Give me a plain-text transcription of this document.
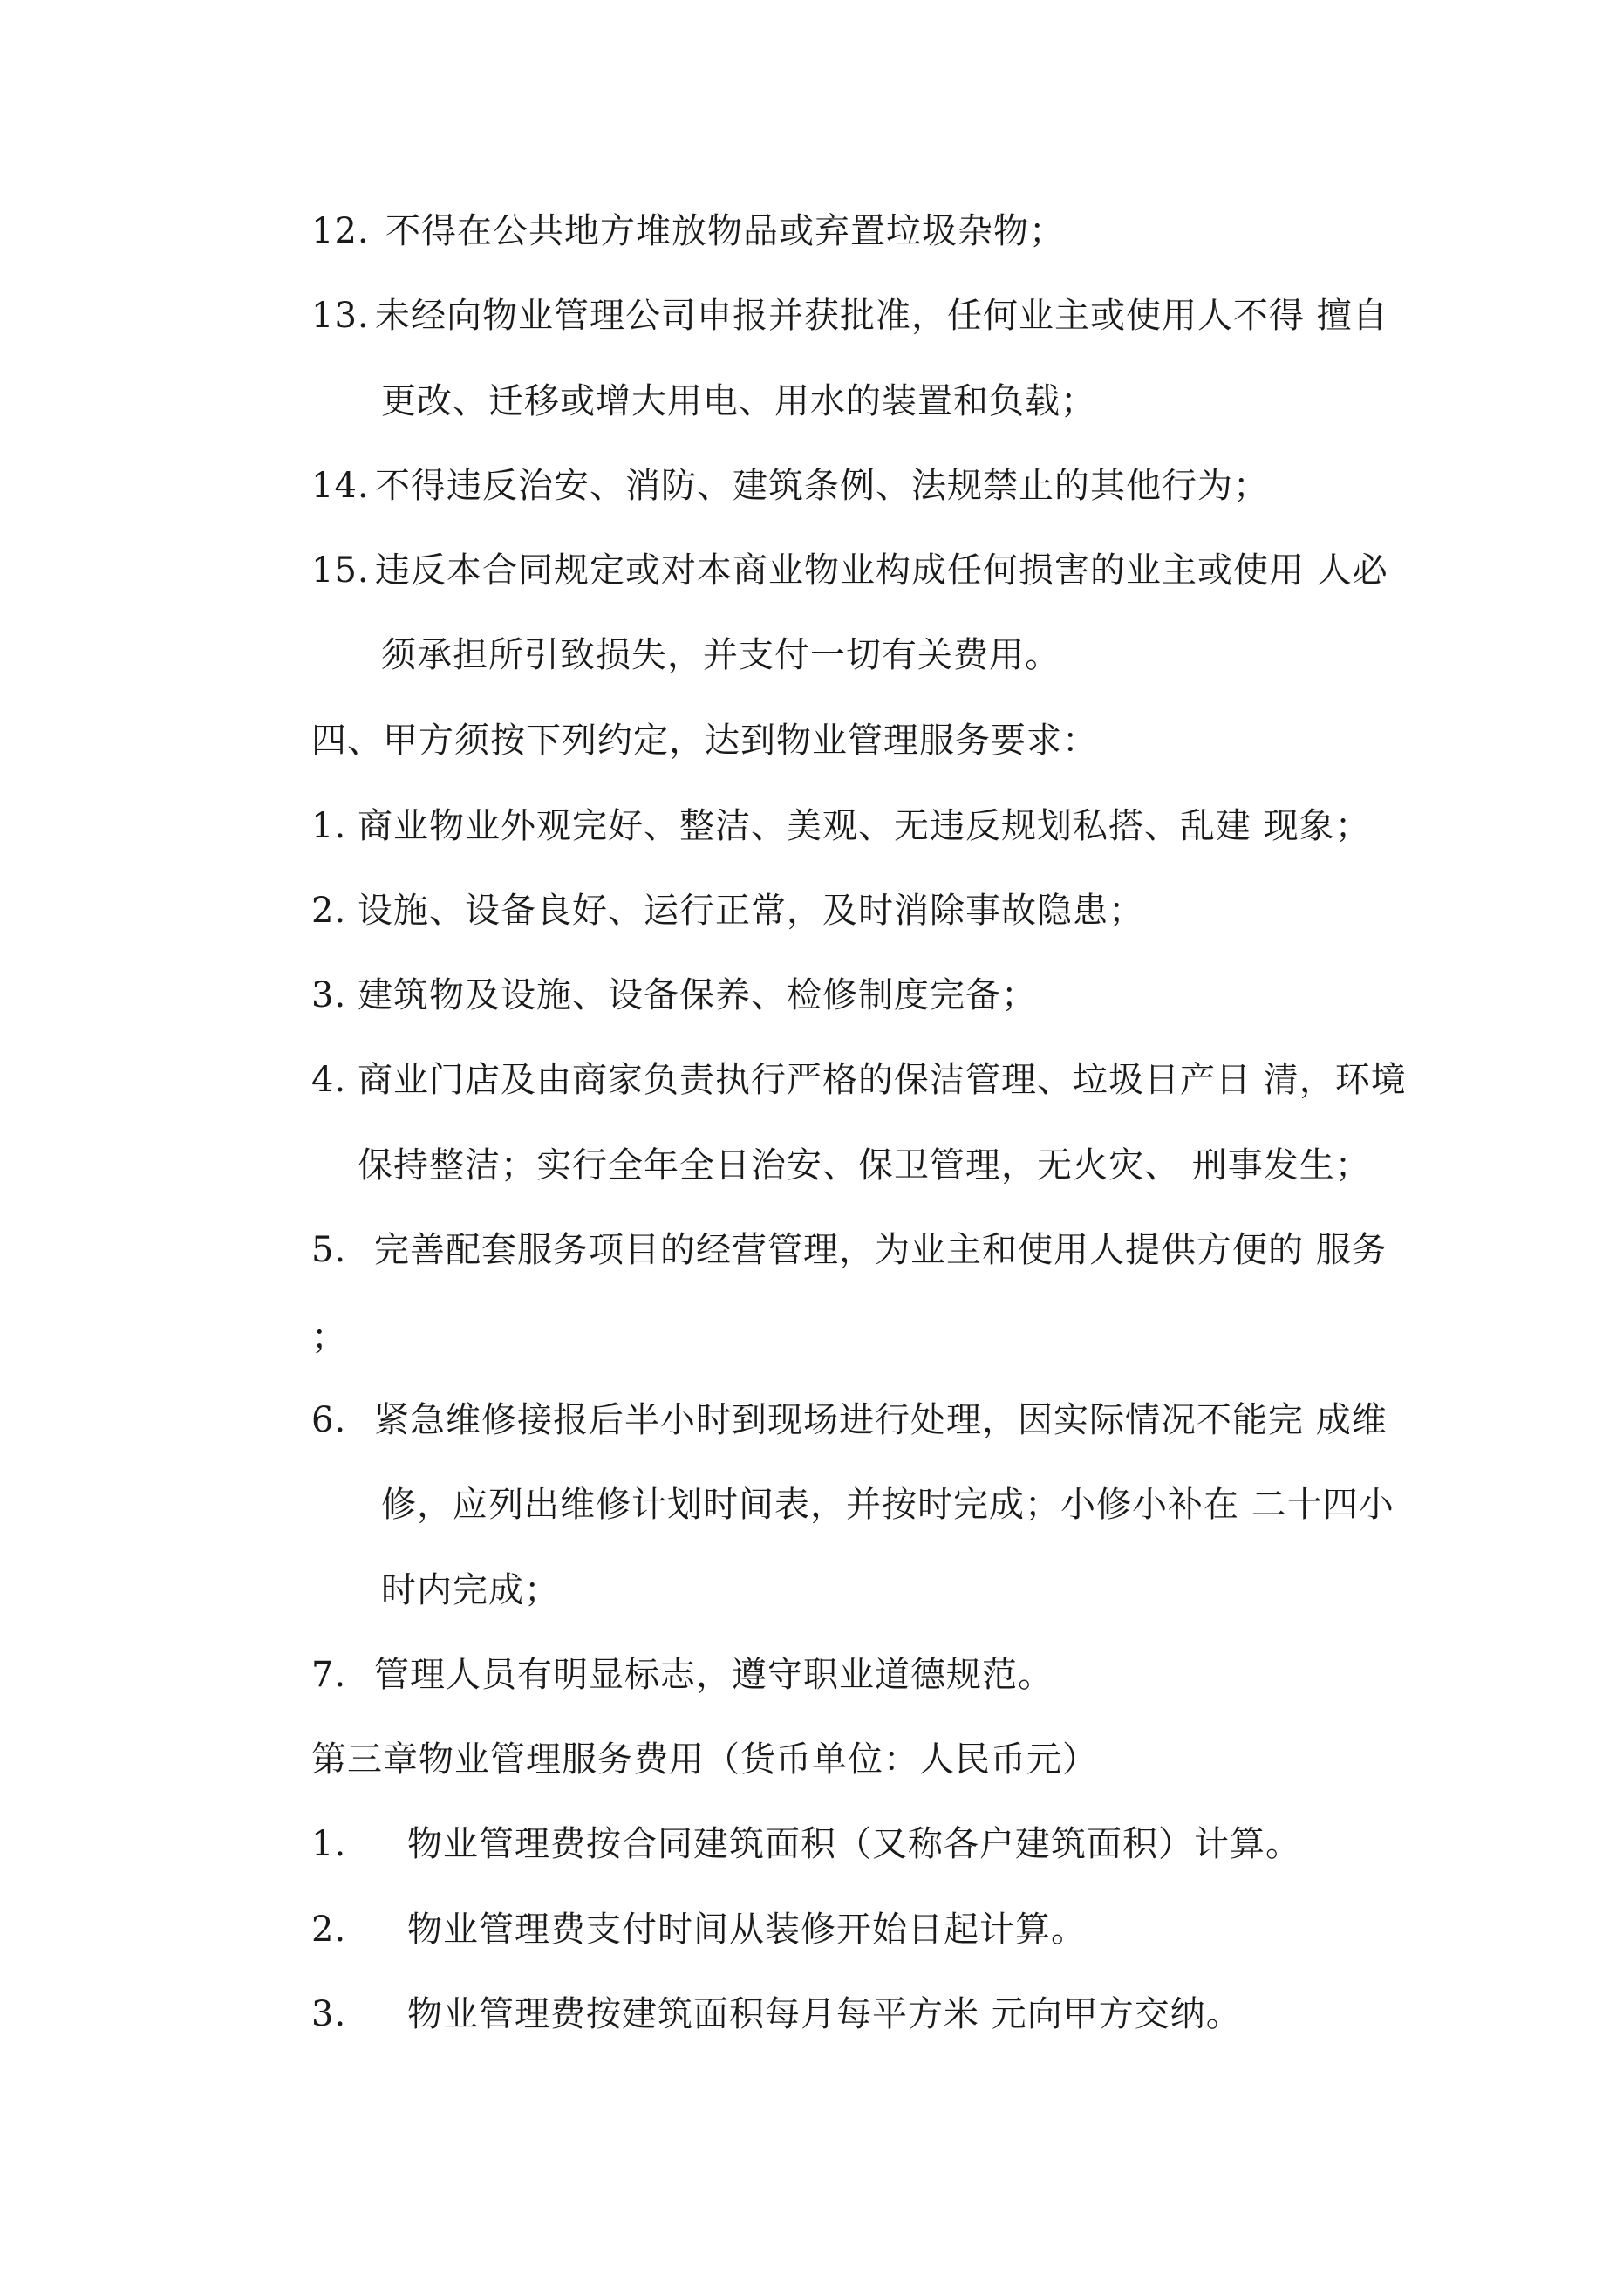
12. 不得在公共地方堆放物品或弃置垃圾杂物；
13. 未经向物业管理公司申报并获批准，任何业主或使用人不得 擅自
更改、迁移或增大用电、用水的装置和负载；
14. 不得违反治安、消防、建筑条例、法规禁止的其他行为；
15. 违反本合同规定或对本商业物业构成任何损害的业主或使用 人必
须承担所引致损失，并支付一切有关费用。
四、甲方须按下列约定，达到物业管理服务要求：
1. 商业物业外观完好、整洁、美观、无违反规划私搭、乱建 现象；
2. 设施、设备良好、运行正常，及时消除事故隐患；
3. 建筑物及设施、设备保养、检修制度完备；
4. 商业门店及由商家负责执行严格的保洁管理、垃圾日产日 清，环境
保持整洁；实行全年全日治安、保卫管理，无火灾、 刑事发生；
5. 完善配套服务项目的经营管理，为业主和使用人提供方便的 服务
；
6. 紧急维修接报后半小时到现场进行处理，因实际情况不能完 成维
修，应列出维修计划时间表，并按时完成；小修小补在 二十四小
时内完成；
7. 管理人员有明显标志，遵守职业道德规范。
第三章物业管理服务费用（货币单位：人民币元）
1. 物业管理费按合同建筑面积（又称各户建筑面积）计算。
2. 物业管理费支付时间从装修开始日起计算。
3. 物业管理费按建筑面积每月每平方米 元向甲方交纳。
